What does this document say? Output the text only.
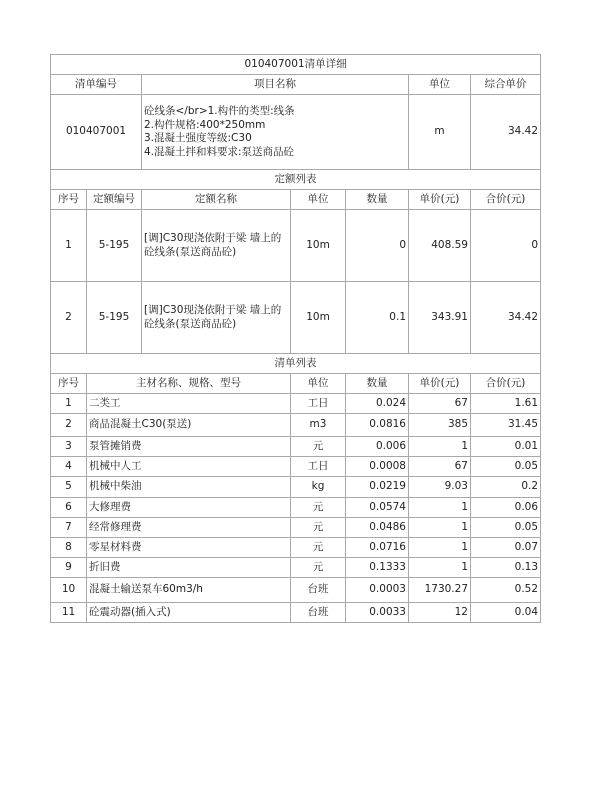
010407001清单详细						
清单编号		项目名称			单位	综合单价
010407001		砼线条</br>1.构件的类型:线条
2.构件规格:400*250mm
3.混凝土强度等级:C30
4.混凝土拌和料要求:泵送商品砼			m	34.42
定额列表						
序号	定额编号	定额名称	单位	数量	单价(元)	合价(元)
1	5-195	[调]C30现浇依附于梁 墙上的砼线条(泵送商品砼)	10m	0	408.59	0
2	5-195	[调]C30现浇依附于梁 墙上的砼线条(泵送商品砼)	10m	0.1	343.91	34.42
清单列表						
序号	主材名称、规格、型号		单位	数量	单价(元)	合价(元)
1	二类工		工日	0.024	67	1.61
2	商品混凝土C30(泵送)		m3	0.0816	385	31.45
3	泵管摊销费		元	0.006	1	0.01
4	机械中人工		工日	0.0008	67	0.05
5	机械中柴油		kg	0.0219	9.03	0.2
6	大修理费		元	0.0574	1	0.06
7	经常修理费		元	0.0486	1	0.05
8	零星材料费		元	0.0716	1	0.07
9	折旧费		元	0.1333	1	0.13
10	混凝土输送泵车60m3/h		台班	0.0003	1730.27	0.52
11	砼震动器(插入式)		台班	0.0033	12	0.04
